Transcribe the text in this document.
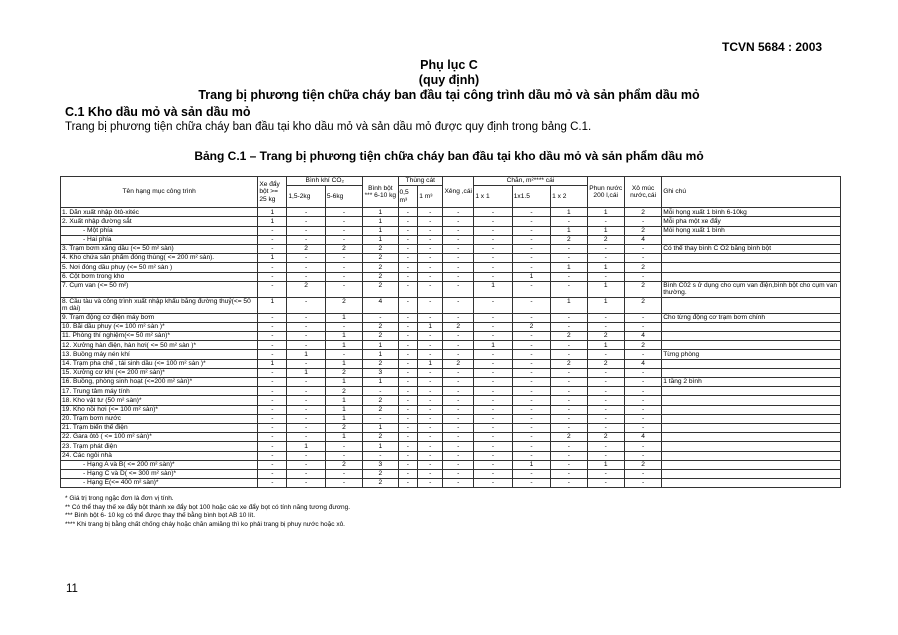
TCVN 5684 : 2003
Phụ lục C
(quy định)
Trang bị phương tiện chữa cháy ban đầu tại công trình dầu mỏ và sản phẩm dầu mỏ
C.1 Kho dầu mỏ và sản dầu mỏ
Trang bị phương tiện chữa cháy ban đầu tại kho dầu mỏ và sản dầu mỏ được quy định trong bảng C.1.
Bảng C.1 – Trang bị phương tiện chữa cháy ban đầu tại kho dầu mỏ và sản phẩm dầu mỏ
Tên hạng mục công trình	Xe đẩy bột >= 25 kg	Bình khí CO₂		Bình bột *** 6-10 kg	Thùng cát		Xẻng ,cái	Chăn, m²**** cái			Phun nước 200 l,cái	Xô múc nước,cái	Ghi chú
		1,5-2kg	5-6kg		0,5 m³	1 m³		1 x 1	1x1.5	1 x 2			
1. Dãn xuất nhập ôtô-xitéc	1	-	-	1	-	-	-	-	-	1	1	2	Mỗi họng xuất 1 bình 6-10kg
2. Xuất nhập đường sắt	1	-	-	1	-	-	-	-	-	-	-	-	Mỗi pha một xe đẩy
- Một phía	-	-	-	1	-	-	-	-	-	1	1	2	Mỗi họng xuất 1 bình
- Hai phía	-	-	-	1	-	-	-	-	-	2	2	4	
3. Trạm bơm xăng dầu (<= 50 m² sàn)	-	2	2	2	-	-	-	-	-	-	-	-	Có thể thay bình C O2 bằng bình bột
4. Kho chứa sản phẩm đóng thùng( <= 200 m² sàn).	1	-	-	2	-	-	-	-	-	-	-	-	
5. Nơi đóng dầu phuy (<= 50 m² sàn )	-	-	-	2	-	-	-	-	-	1	1	2	
6. Cột bơm trong kho	-	-	-	2	-	-	-	-	1	-	-	-	
7. Cụm van (<= 50 m²)	-	2	-	2	-	-	-	1	-	-	1	2	Bình C02 s ử dụng cho cụm van điện,bình bột cho cụm van thường.
8. Cầu tàu và công trình xuất nhập khẩu bằng đường thuỷ(<= 50 m dài)	1	-	2	4	-	-	-	-	-	1	1	2	
9. Trạm động cơ điện máy bơm	-	-	1	-	-	-	-	-	-	-	-	-	Cho từng động cơ trạm bơm chính
10. Bãi dầu phuy (<= 100 m² sàn )*	-	-	-	2	-	1	2	-	2	-	-	-	
11. Phòng thí nghiệm(<= 50 m² sàn)*	-	-	1	2	-	-	-	-	-	2	2	4	
12. Xưởng hàn điện, hàn hơi( <= 50 m² sàn )*	-	-	1	1	-	-	-	1	-	-	1	2	
13. Buồng máy nén khí	-	1	-	1	-	-	-	-	-	-	-	-	Từng phòng
14. Trạm pha chế , tái sinh dầu (<= 100 m² sàn )*	1	-	1	2	-	1	2	-	-	2	2	4	
15. Xưởng cơ khí (<= 200 m² sàn)*	-	1	2	3	-	-	-	-	-	-	-	-	
16. Buồng, phòng sinh hoạt (<=200 m² sàn)*	-	-	1	1	-	-	-	-	-	-	-	-	1 tầng 2 bình
17. Trung tâm máy tính	-	-	2	-	-	-	-	-	-	-	-	-	
18. Kho vật tư (50 m² sàn)*	-	-	1	2	-	-	-	-	-	-	-	-	
19. Kho nồi hơi (<= 100 m² sàn)*	-	-	1	2	-	-	-	-	-	-	-	-	
20. Trạm bơm nước	-	-	1	-	-	-	-	-	-	-	-	-	
21. Trạm biến thế điện	-	-	2	1	-	-	-	-	-	-	-	-	
22. Gara ôtô ( <= 100 m² sàn)*	-	-	1	2	-	-	-	-	-	2	2	4	
23. Trạm phát điện	-	1	-	1	-	-	-	-	-	-	-	-	
24. Các ngôi nhà	-	-	-	-	-	-	-	-	-	-	-	-	
- Hạng A và B( <= 200 m² sàn)*	-	-	2	3	-	-	-	-	1	-	1	2	
- Hạng C và D( <= 300 m² sàn)*	-	-	-	2	-	-	-	-	-	-	-	-	
- Hạng E(<= 400 m² sàn)*	-	-	-	2	-	-	-	-	-	-	-	-	
* Giá trị trong ngặc đơn là đơn vị tính.
** Có thể thay thế xe đẩy bột thành xe đẩy bọt 100 hoặc các xe đẩy bọt có tính năng tương đương.
*** Bình bột 6- 10 kg có thể được thay thế bằng bình bọt AB 10 lít.
**** Khi trang bị bằng chất chống cháy hoặc chăn amiăng thì ko phải trang bị phuy nước hoặc xô.
11
